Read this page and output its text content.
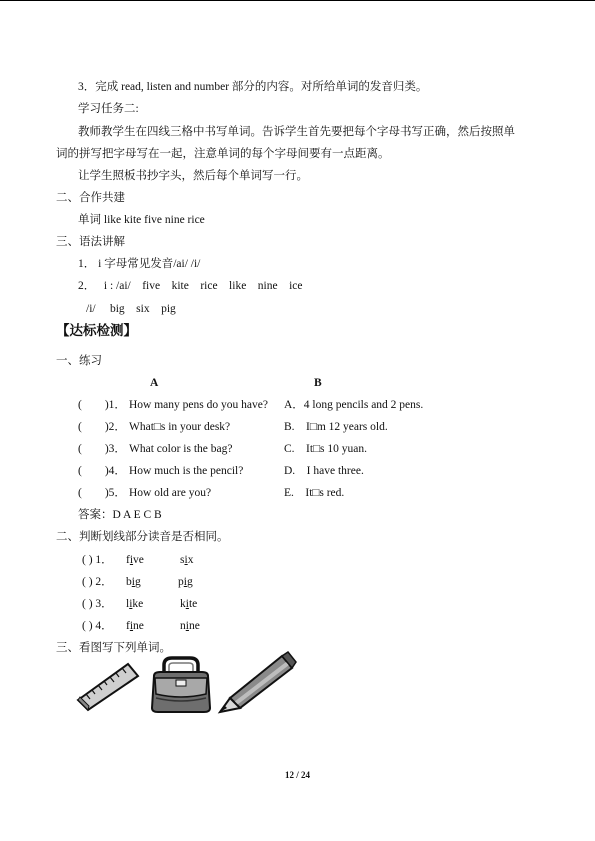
3．完成 read, listen and number 部分的内容。对所给单词的发音归类。
学习任务二:
教师教学生在四线三格中书写单词。告诉学生首先要把每个字母书写正确，然后按照单
词的拼写把字母写在一起，注意单词的每个字母间要有一点距离。
让学生照板书抄字头，然后每个单词写一行。
二、合作共建
单词 like kite five nine rice
三、语法讲解
1． i 字母常见发音/ai/ /i/
2．   i : /ai/    five    kite    rice    like    nine    ice
/i/     big    six    pig
【达标检测】
一、练习
A	B
(        )1． How many pens do you have? A．4 long pencils and 2 pens.
(        )2． What□s in your desk?	B.    I□m 12 years old.
(        )3． What color is the bag?	C.    It□s 10 yuan.
(        )4． How much is the pencil?	D.    I have three.
(        )5． How old are you?	E.    It□s red.
答案：D A E C B
二、判断划线部分读音是否相同。
( ) 1． five	six
( ) 2． big	pig
( ) 3． like	kite
( ) 4． fine	nine
三、看图写下列单词。
12 / 24
